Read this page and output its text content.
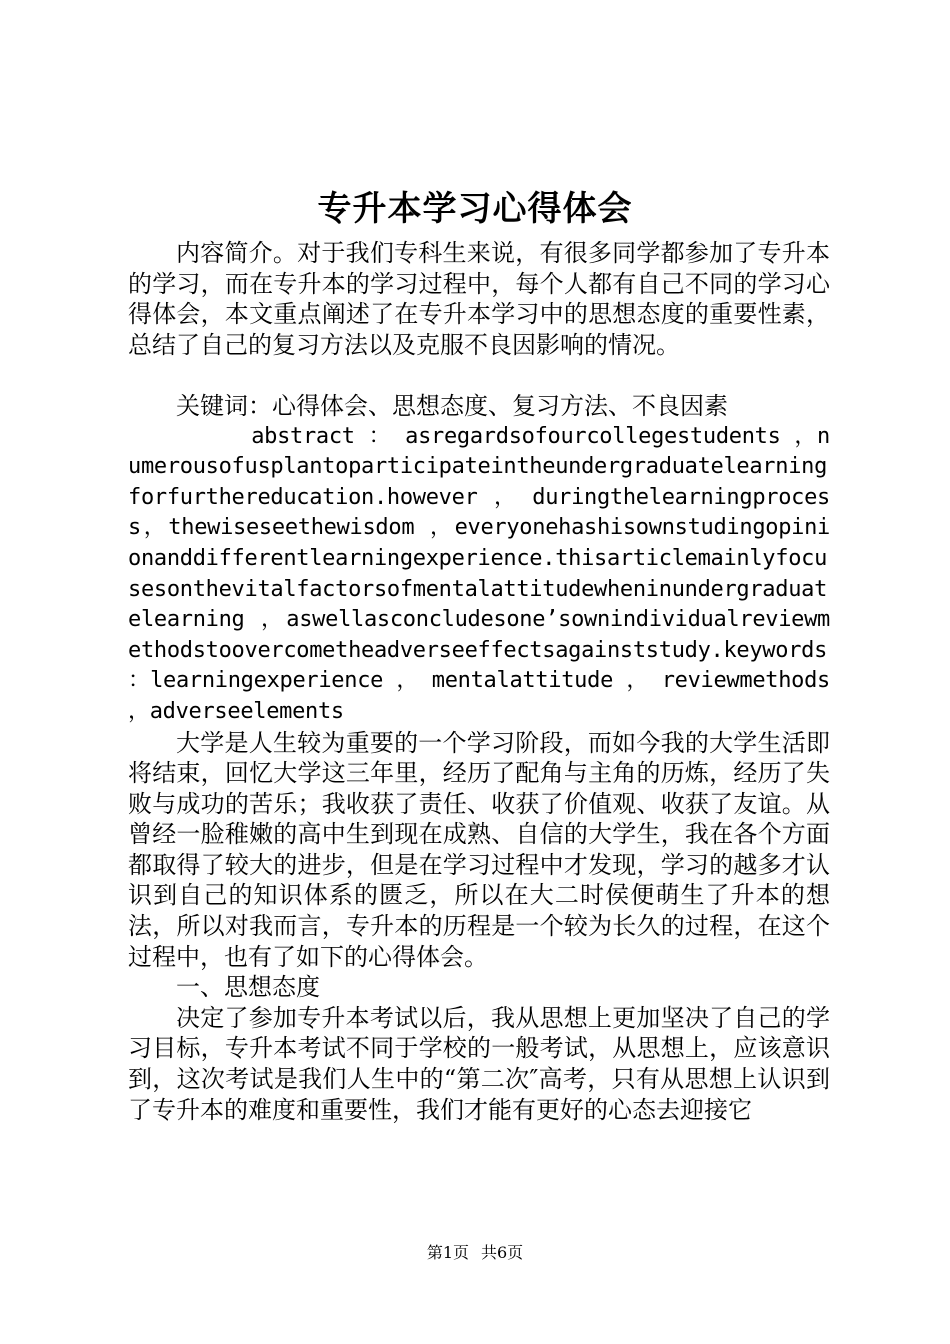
专升本学习心得体会

内容简介。对于我们专科生来说，有很多同学都参加了专升本的学习，而在专升本的学习过程中，每个人都有自己不同的学习心得体会，本文重点阐述了在专升本学习中的思想态度的重要性素，总结了自己的复习方法以及克服不良因影响的情况。

关键词：心得体会、思想态度、复习方法、不良因素

abstract ： asregardsofourcollegestudents ，numerousofusplantoparticipateintheundergraduatelearningforfurthereducation.however，duringthelearningprocess，thewiseseethewisdom ，everyonehashisownstudingopinionanddifferentlearningexperience.thisarticlemainlyfocusesonthevitalfactorsofmentalattitudewheninundergraduatelearning ，aswellasconcludesone’sownindividualreviewmethodstoovercometheadverseeffectsagainststudy.keywords ：learningexperience ， mentalattitude ， reviewmethods ，adverseelements

大学是人生较为重要的一个学习阶段，而如今我的大学生活即将结束，回忆大学这三年里，经历了配角与主角的历炼，经历了失败与成功的苦乐；我收获了责任、收获了价值观、收获了友谊。从曾经一脸稚嫩的高中生到现在成熟、自信的大学生，我在各个方面都取得了较大的进步，但是在学习过程中才发现，学习的越多才认识到自己的知识体系的匮乏，所以在大二时侯便萌生了升本的想法，所以对我而言，专升本的历程是一个较为长久的过程，在这个过程中，也有了如下的心得体会。

一、思想态度

决定了参加专升本考试以后，我从思想上更加坚决了自己的学习目标，专升本考试不同于学校的一般考试，从思想上，应该意识到，这次考试是我们人生中的“第二次″高考，只有从思想上认识到了专升本的难度和重要性，我们才能有更好的心态去迎接它

第1页 共6页
